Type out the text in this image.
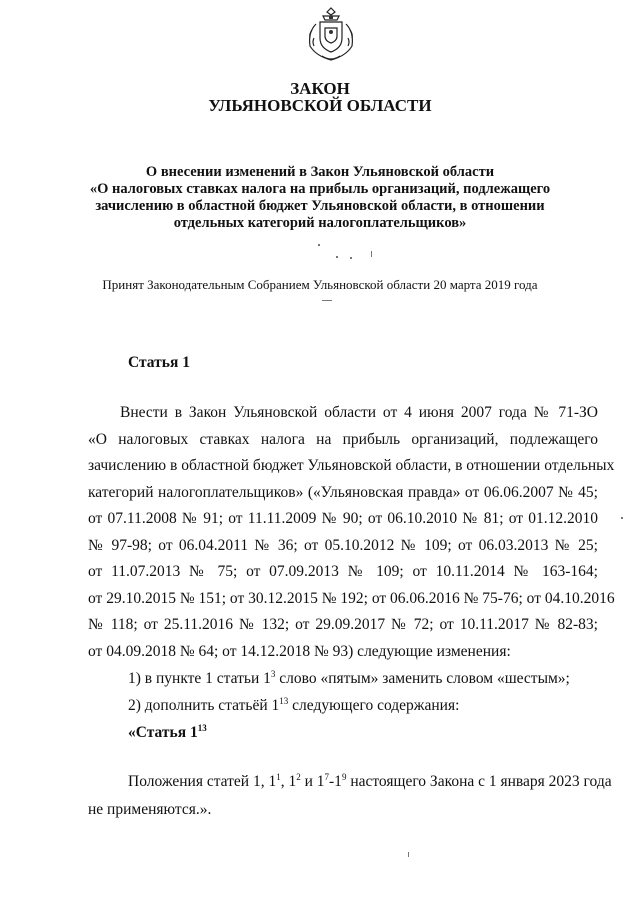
ЗАКОН
УЛЬЯНОВСКОЙ ОБЛАСТИ
О внесении изменений в Закон Ульяновской области
«О налоговых ставках налога на прибыль организаций, подлежащего
зачислению в областной бюджет Ульяновской области, в отношении
отдельных категорий налогоплательщиков»
Принят Законодательным Собранием Ульяновской области 20 марта 2019 года
Статья 1
Внести в Закон Ульяновской области от 4 июня 2007 года № 71-ЗО
«О налоговых ставках налога на прибыль организаций, подлежащего
зачислению в областной бюджет Ульяновской области, в отношении отдельных
категорий налогоплательщиков» («Ульяновская правда» от 06.06.2007 № 45;
от 07.11.2008 № 91; от 11.11.2009 № 90; от 06.10.2010 № 81; от 01.12.2010
№ 97-98; от 06.04.2011 № 36; от 05.10.2012 № 109; от 06.03.2013 № 25;
от 11.07.2013 № 75; от 07.09.2013 № 109; от 10.11.2014 № 163-164;
от 29.10.2015 № 151; от 30.12.2015 № 192; от 06.06.2016 № 75-76; от 04.10.2016
№ 118; от 25.11.2016 № 132; от 29.09.2017 № 72; от 10.11.2017 № 82-83;
от 04.09.2018 № 64; от 14.12.2018 № 93) следующие изменения:
1) в пункте 1 статьи $1^3$ слово «пятым» заменить словом «шестым»;
2) дополнить статьёй $1^{13}$ следующего содержания:
«Статья $1^{13}$
Положения статей 1, $1^1$, $1^2$ и $1^7-1^9$ настоящего Закона с 1 января 2023 года
не применяются.».
